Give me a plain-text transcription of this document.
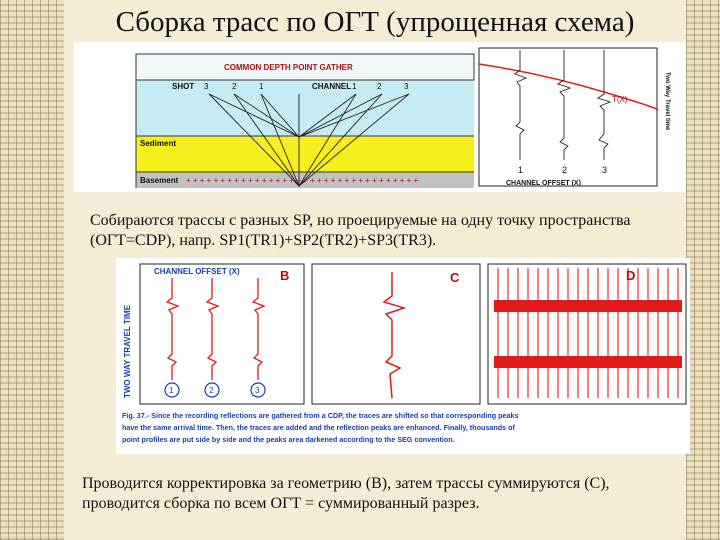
Сборка трасс по ОГТ (упрощенная схема)
COMMON DEPTH POINT GATHER
SHOT 3	2	1	CHANNEL 1	2	3
Sediment
Basement + + + + + + + + + + + + + + + + + + + + + + + + + + + + + + + + + +
T(X)
1	2	3
CHANNEL OFFSET (X)
Two Way Travel time
Собираются трассы с разных SP, но проецируемые на одну точку пространства (ОГТ=CDP), напр. SP1(TR1)+SP2(TR2)+SP3(TR3).
TWO WAY TRAVEL TIME
CHANNEL OFFSET (X)	B
1	2	3
C	D
Fig. 37.- Since the recording reflections are gathered from a CDP, the traces are shifted so that corresponding peaks
have the same arrival time. Then, the traces are added and the reflection peaks are enhanced. Finally, thousands of
point profiles are put side by side and the peaks area darkened according to the SEG convention.
Проводится корректировка за геометрию (В), затем трассы суммируются (С), проводится сборка по всем ОГТ = суммированный разрез.
